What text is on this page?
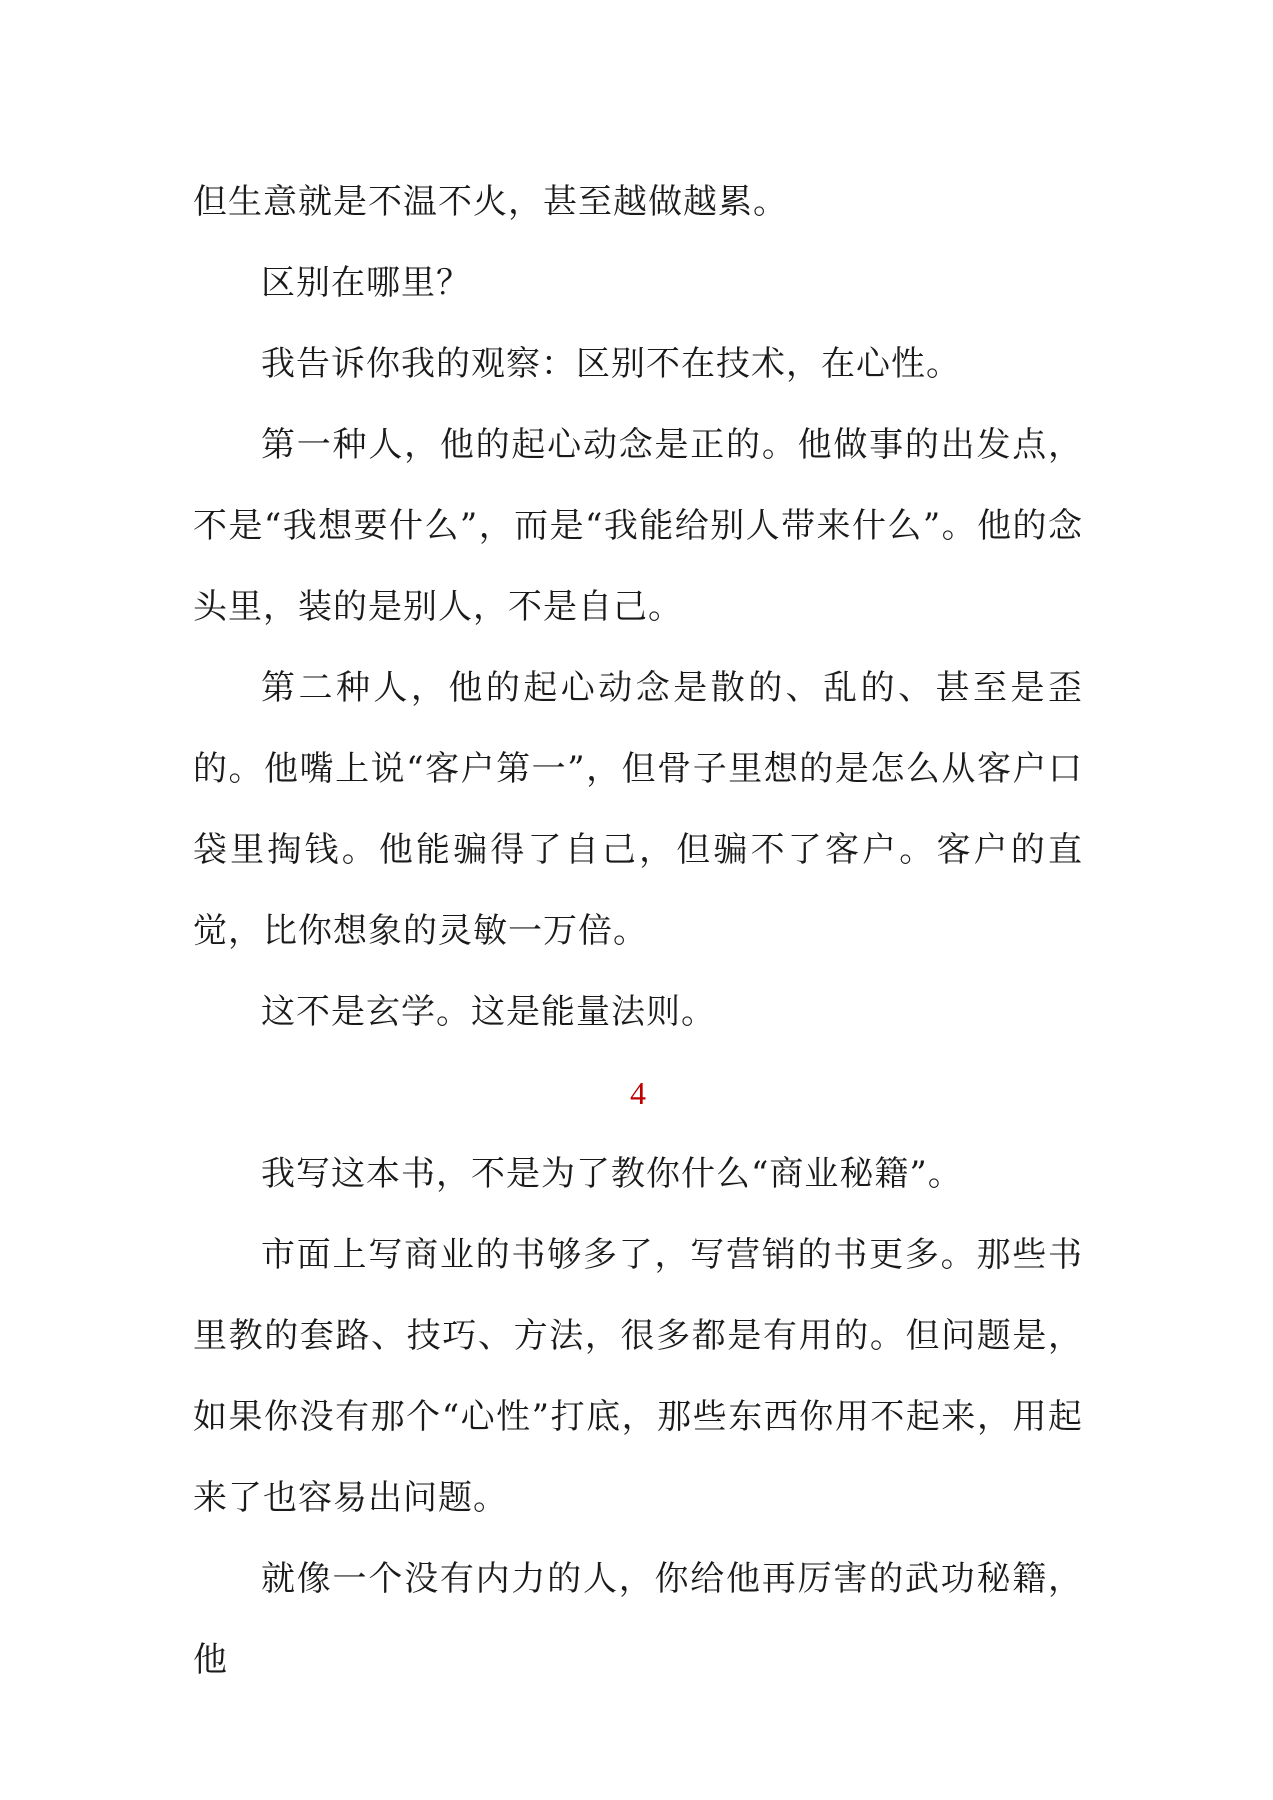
但生意就是不温不火，甚至越做越累。

区别在哪里？

我告诉你我的观察：区别不在技术，在心性。

第一种人，他的起心动念是正的。他做事的出发点，不是“我想要什么”，而是“我能给别人带来什么”。他的念头里，装的是别人，不是自己。

第二种人，他的起心动念是散的、乱的、甚至是歪的。他嘴上说“客户第一”，但骨子里想的是怎么从客户口袋里掏钱。他能骗得了自己，但骗不了客户。客户的直觉，比你想象的灵敏一万倍。

这不是玄学。这是能量法则。

4

我写这本书，不是为了教你什么“商业秘籍”。

市面上写商业的书够多了，写营销的书更多。那些书里教的套路、技巧、方法，很多都是有用的。但问题是，如果你没有那个“心性”打底，那些东西你用不起来，用起来了也容易出问题。

就像一个没有内力的人，你给他再厉害的武功秘籍，他
